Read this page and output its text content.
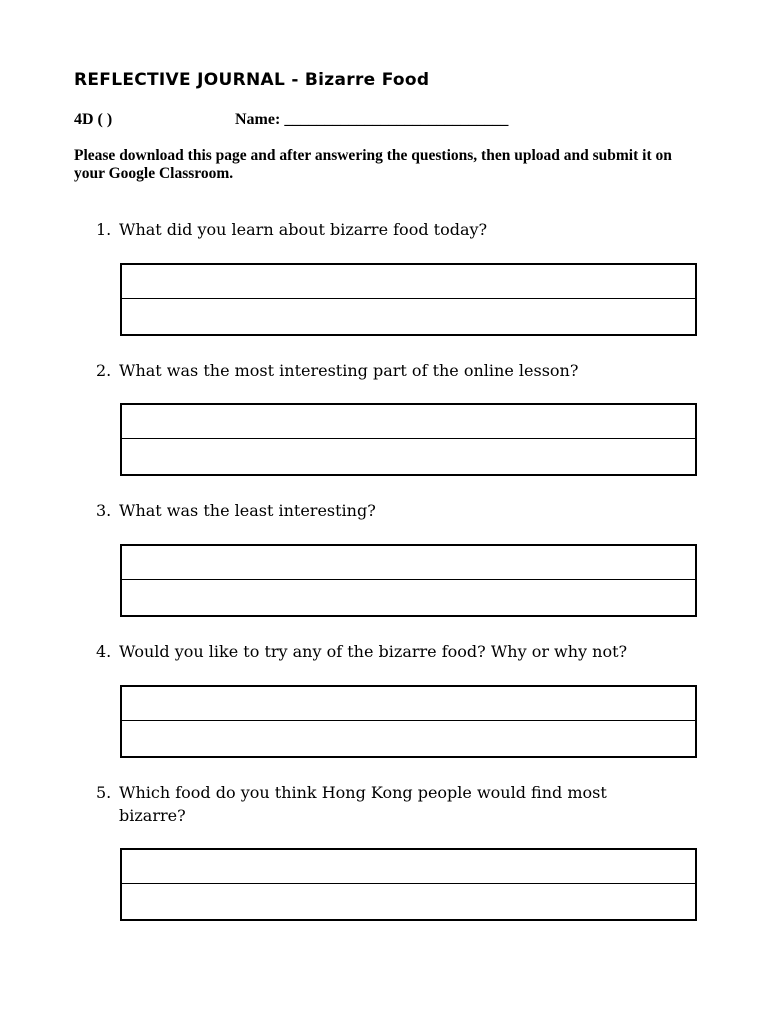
REFLECTIVE JOURNAL - Bizarre Food
4D ( )	Name: ____________________________
Please download this page and after answering the questions, then upload and submit it on your Google Classroom.
1. What did you learn about bizarre food today?
2. What was the most interesting part of the online lesson?
3. What was the least interesting?
4. Would you like to try any of the bizarre food? Why or why not?
5. Which food do you think Hong Kong people would find most bizarre?
